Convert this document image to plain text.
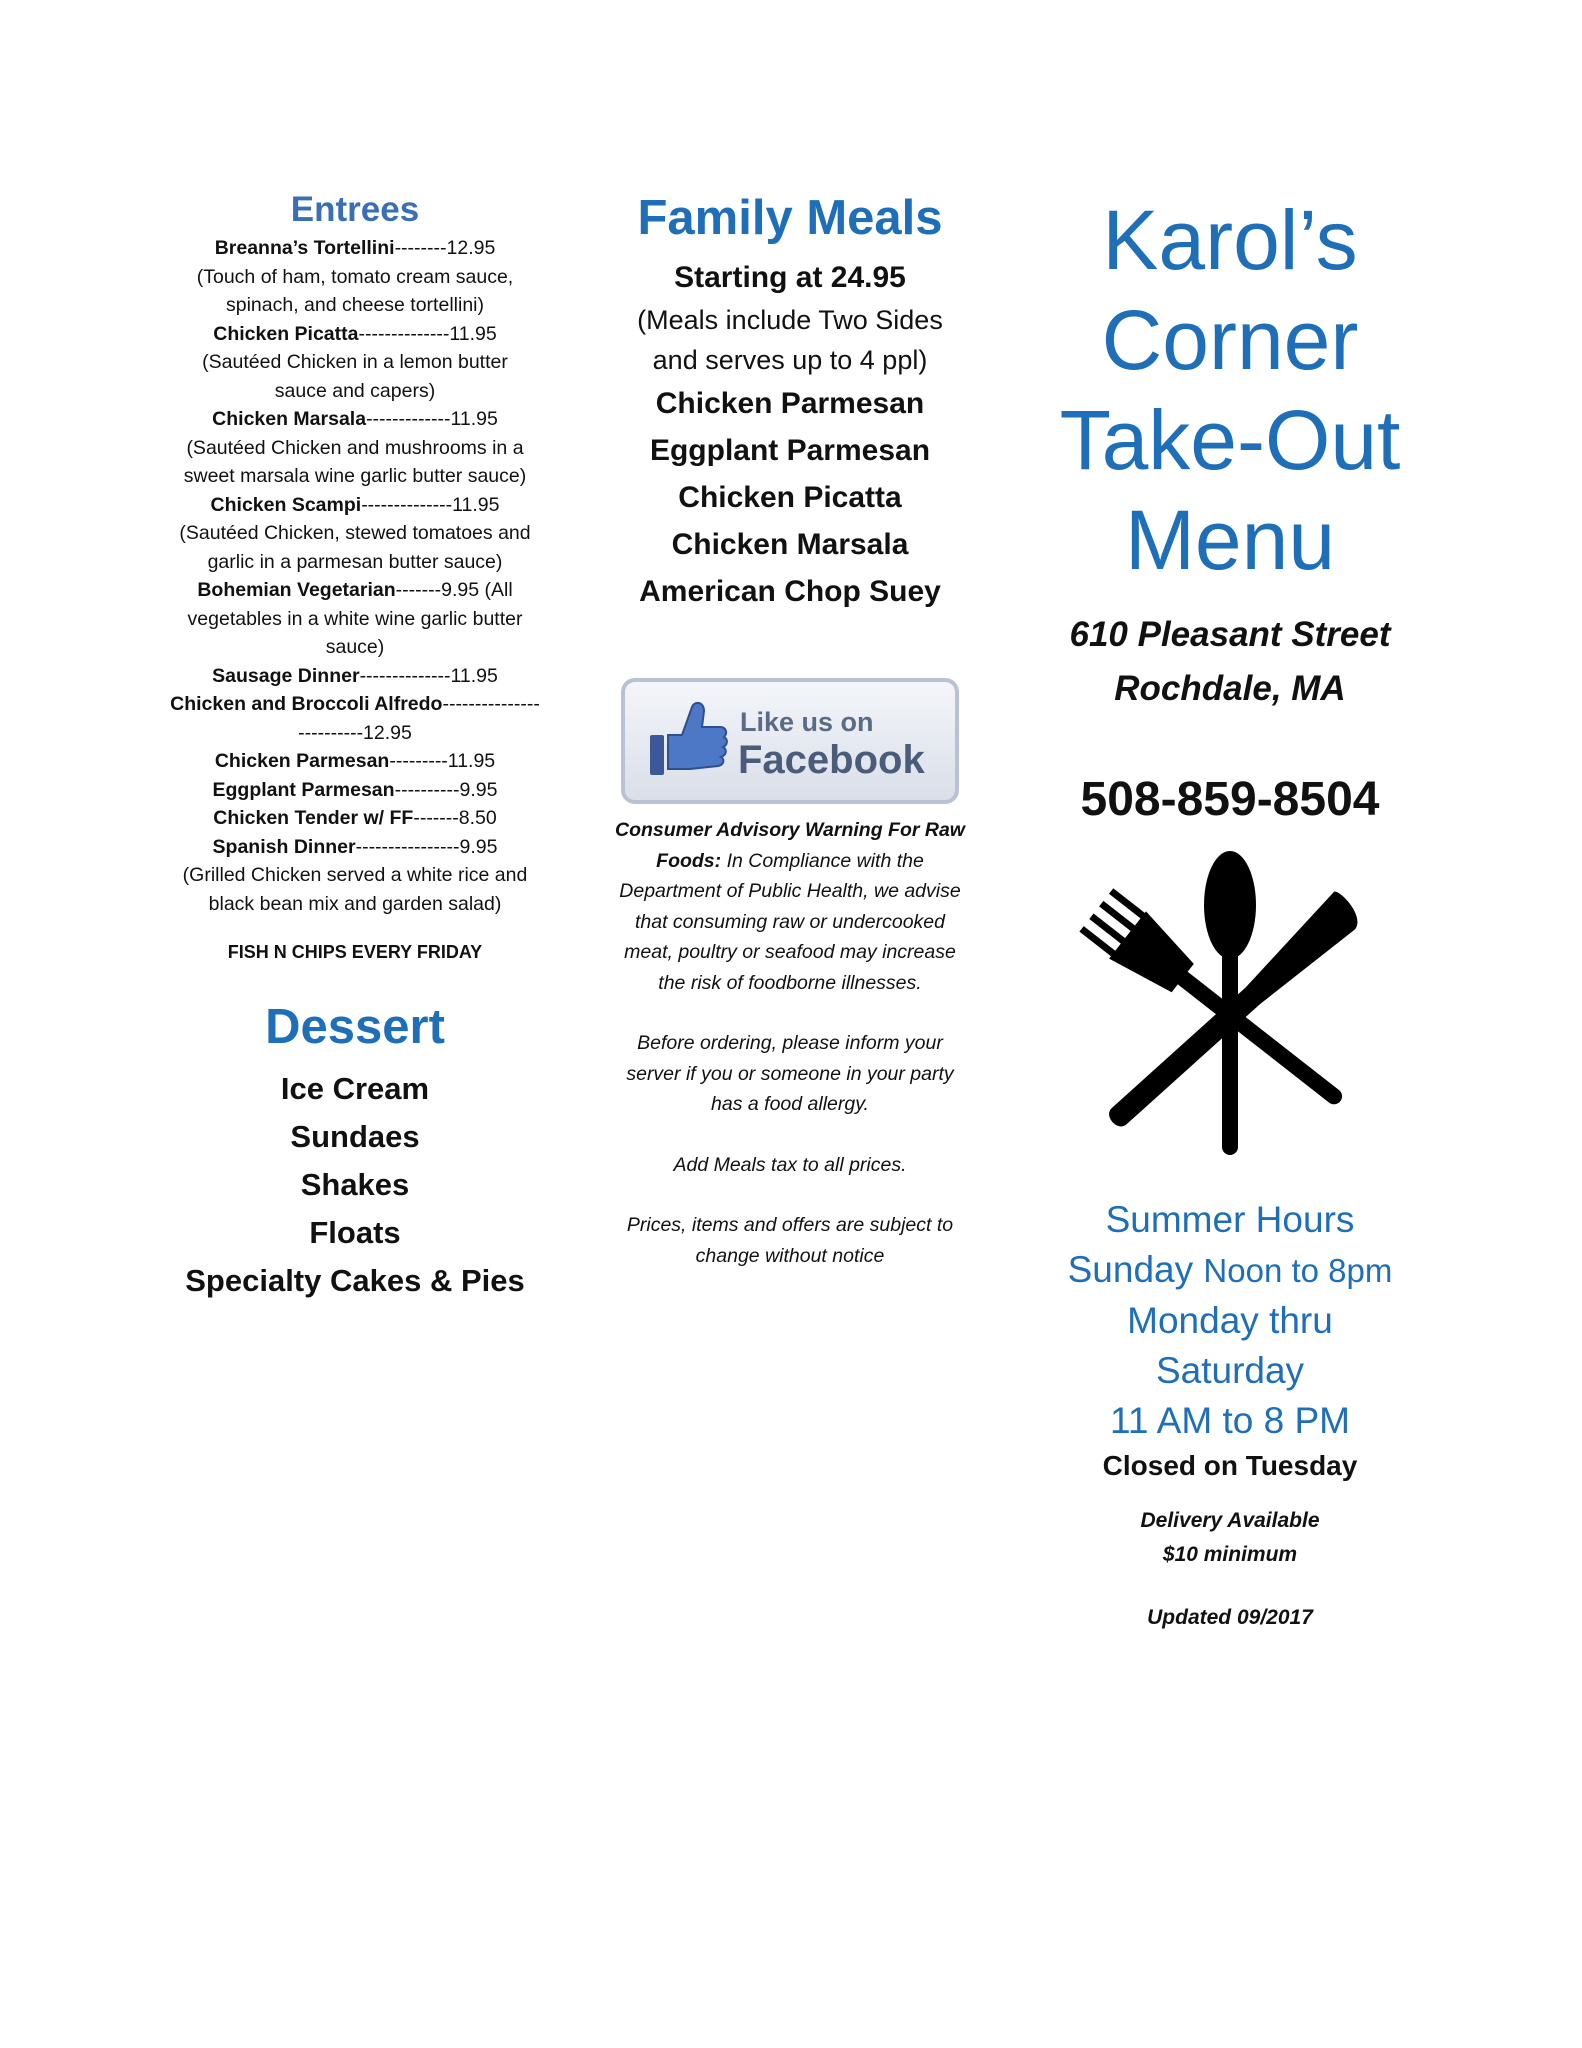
Entrees
Breanna’s Tortellini--------12.95
(Touch of ham, tomato cream sauce, spinach, and cheese tortellini)
Chicken Picatta--------------11.95
(Sautéed Chicken in a lemon butter sauce and capers)
Chicken Marsala-------------11.95
(Sautéed Chicken and mushrooms in a sweet marsala wine garlic butter sauce)
Chicken Scampi--------------11.95
(Sautéed Chicken, stewed tomatoes and garlic in a parmesan butter sauce)
Bohemian Vegetarian-------9.95 (All vegetables in a white wine garlic butter sauce)
Sausage Dinner--------------11.95
Chicken and Broccoli Alfredo-------------------------12.95
Chicken Parmesan---------11.95
Eggplant Parmesan----------9.95
Chicken Tender w/ FF-------8.50
Spanish Dinner----------------9.95
(Grilled Chicken served a white rice and black bean mix and garden salad)
FISH N CHIPS EVERY FRIDAY
Dessert
Ice Cream
Sundaes
Shakes
Floats
Specialty Cakes & Pies
Family Meals
Starting at 24.95
(Meals include Two Sides and serves up to 4 ppl)
Chicken Parmesan
Eggplant Parmesan
Chicken Picatta
Chicken Marsala
American Chop Suey
Like us on
Facebook

Consumer Advisory Warning For Raw Foods: In Compliance with the Department of Public Health, we advise that consuming raw or undercooked meat, poultry or seafood may increase the risk of foodborne illnesses.

Before ordering, please inform your server if you or someone in your party has a food allergy.

Add Meals tax to all prices.

Prices, items and offers are subject to change without notice

Karol’s
Corner
Take-Out
Menu
610 Pleasant Street
Rochdale, MA
508-859-8504
Summer Hours
Sunday Noon to 8pm
Monday thru
Saturday
11 AM to 8 PM
Closed on Tuesday
Delivery Available
$10 minimum
Updated 09/2017
